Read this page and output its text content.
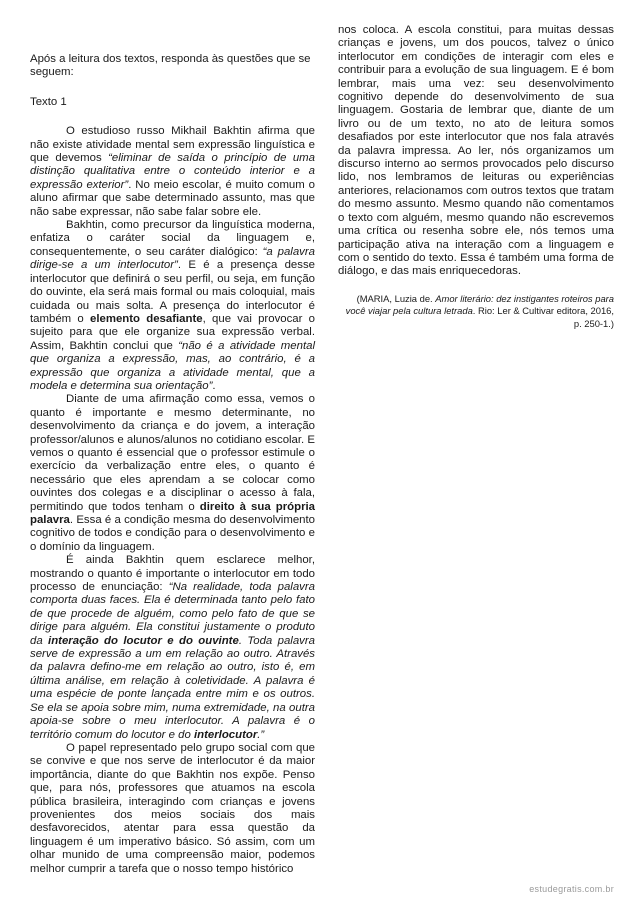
Após a leitura dos textos, responda às questões que se seguem:

Texto 1

O estudioso russo Mikhail Bakhtin afirma que não existe atividade mental sem expressão linguística e que devemos “eliminar de saída o princípio de uma distinção qualitativa entre o conteúdo interior e a expressão exterior”. No meio escolar, é muito comum o aluno afirmar que sabe determinado assunto, mas que não sabe expressar, não sabe falar sobre ele.

Bakhtin, como precursor da linguística moderna, enfatiza o caráter social da linguagem e, consequentemente, o seu caráter dialógico: “a palavra dirige-se a um interlocutor”. E é a presença desse interlocutor que definirá o seu perfil, ou seja, em função do ouvinte, ela será mais formal ou mais coloquial, mais cuidada ou mais solta. A presença do interlocutor é também o elemento desafiante, que vai provocar o sujeito para que ele organize sua expressão verbal. Assim, Bakhtin conclui que “não é a atividade mental que organiza a expressão, mas, ao contrário, é a expressão que organiza a atividade mental, que a modela e determina sua orientação”.

Diante de uma afirmação como essa, vemos o quanto é importante e mesmo determinante, no desenvolvimento da criança e do jovem, a interação professor/alunos e alunos/alunos no cotidiano escolar. E vemos o quanto é essencial que o professor estimule o exercício da verbalização entre eles, o quanto é necessário que eles aprendam a se colocar como ouvintes dos colegas e a disciplinar o acesso à fala, permitindo que todos tenham o direito à sua própria palavra. Essa é a condição mesma do desenvolvimento cognitivo de todos e condição para o desenvolvimento e o domínio da linguagem.

É ainda Bakhtin quem esclarece melhor, mostrando o quanto é importante o interlocutor em todo processo de enunciação: “Na realidade, toda palavra comporta duas faces. Ela é determinada tanto pelo fato de que procede de alguém, como pelo fato de que se dirige para alguém. Ela constitui justamente o produto da interação do locutor e do ouvinte. Toda palavra serve de expressão a um em relação ao outro. Através da palavra defino-me em relação ao outro, isto é, em última análise, em relação à coletividade. A palavra é uma espécie de ponte lançada entre mim e os outros. Se ela se apoia sobre mim, numa extremidade, na outra apoia-se sobre o meu interlocutor. A palavra é o território comum do locutor e do interlocutor.”

O papel representado pelo grupo social com que se convive e que nos serve de interlocutor é da maior importância, diante do que Bakhtin nos expõe. Penso que, para nós, professores que atuamos na escola pública brasileira, interagindo com crianças e jovens provenientes dos meios sociais dos mais desfavorecidos, atentar para essa questão da linguagem é um imperativo básico. Só assim, com um olhar munido de uma compreensão maior, podemos melhor cumprir a tarefa que o nosso tempo histórico

nos coloca. A escola constitui, para muitas dessas crianças e jovens, um dos poucos, talvez o único interlocutor em condições de interagir com eles e contribuir para a evolução de sua linguagem. E é bom lembrar, mais uma vez: seu desenvolvimento cognitivo depende do desenvolvimento de sua linguagem. Gostaria de lembrar que, diante de um livro ou de um texto, no ato de leitura somos desafiados por este interlocutor que nos fala através da palavra impressa. Ao ler, nós organizamos um discurso interno ao sermos provocados pelo discurso lido, nos lembramos de leituras ou experiências anteriores, relacionamos com outros textos que tratam do mesmo assunto. Mesmo quando não comentamos o texto com alguém, mesmo quando não escrevemos uma crítica ou resenha sobre ele, nós temos uma participação ativa na interação com a linguagem e com o sentido do texto. Essa é também uma forma de diálogo, e das mais enriquecedoras.

(MARIA, Luzia de. Amor literário: dez instigantes roteiros para você viajar pela cultura letrada. Rio: Ler & Cultivar editora, 2016, p. 250-1.)

estudegratis.com.br
